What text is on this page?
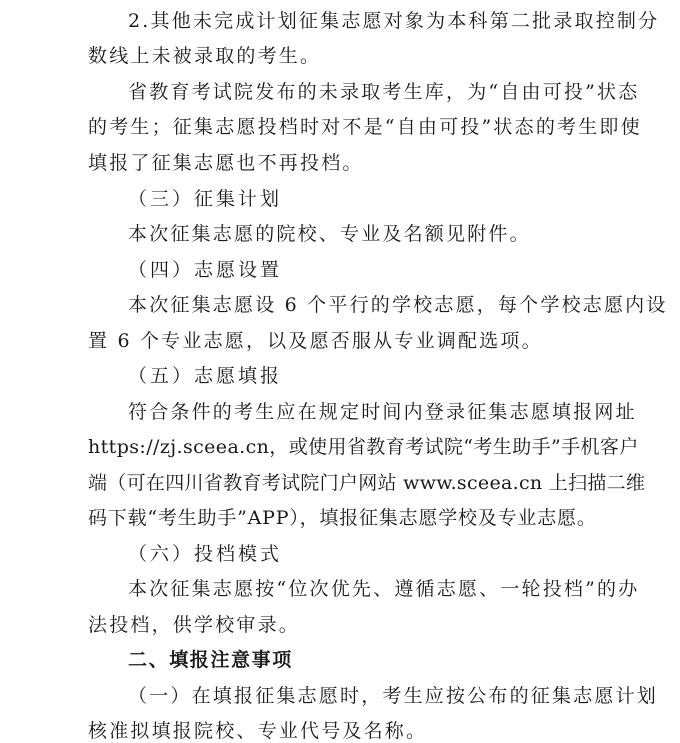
2.其他未完成计划征集志愿对象为本科第二批录取控制分
数线上未被录取的考生。
省教育考试院发布的未录取考生库，为“自由可投”状态
的考生；征集志愿投档时对不是“自由可投”状态的考生即使
填报了征集志愿也不再投档。
（三）征集计划
本次征集志愿的院校、专业及名额见附件。
（四）志愿设置
本次征集志愿设 6 个平行的学校志愿，每个学校志愿内设
置 6 个专业志愿，以及愿否服从专业调配选项。
（五）志愿填报
符合条件的考生应在规定时间内登录征集志愿填报网址
https://zj.sceea.cn，或使用省教育考试院“考生助手”手机客户
端（可在四川省教育考试院门户网站 www.sceea.cn 上扫描二维
码下载“考生助手”APP），填报征集志愿学校及专业志愿。
（六）投档模式
本次征集志愿按“位次优先、遵循志愿、一轮投档”的办
法投档，供学校审录。
二、填报注意事项
（一）在填报征集志愿时，考生应按公布的征集志愿计划
核准拟填报院校、专业代号及名称。
